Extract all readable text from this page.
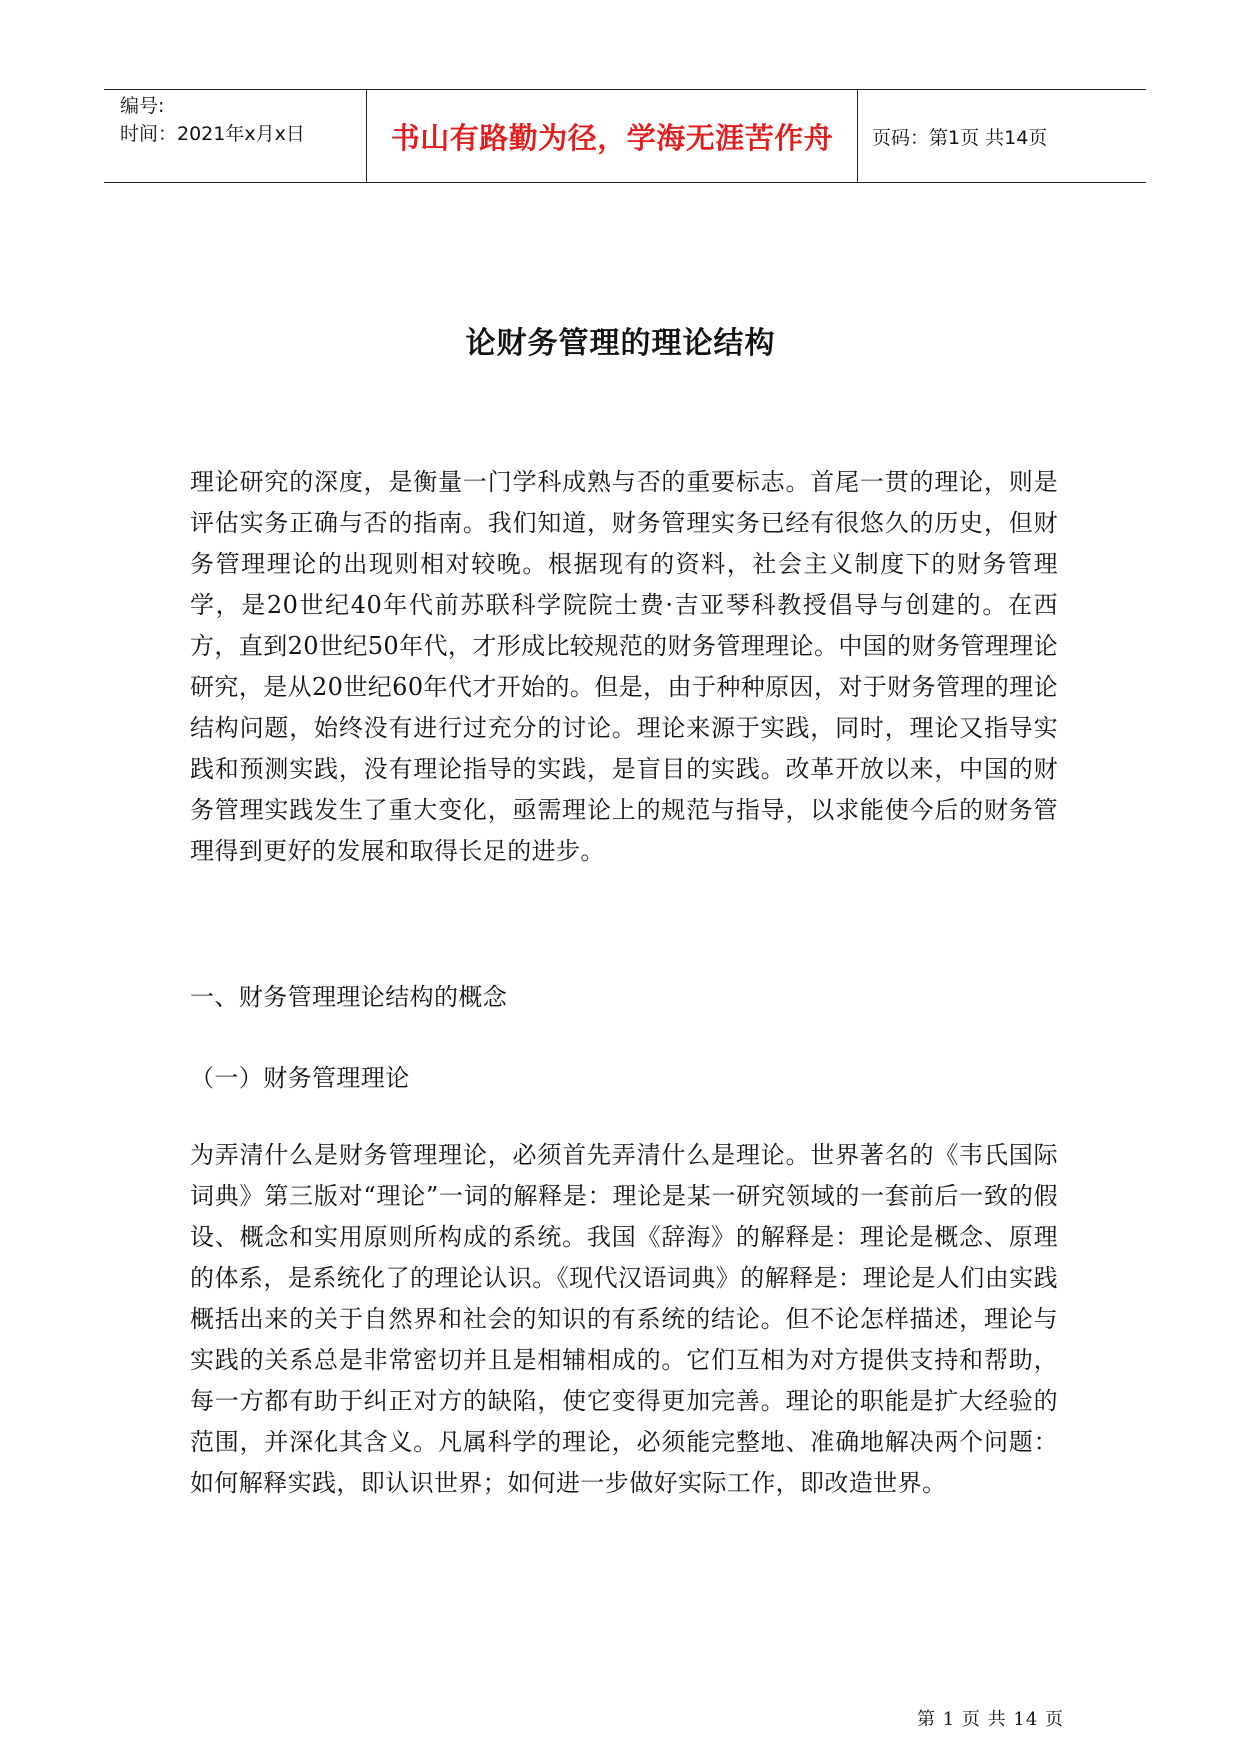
编号:
时间：2021年x月x日	书山有路勤为径，学海无涯苦作舟 页码：第1页 共14页
论财务管理的理论结构

理论研究的深度，是衡量一门学科成熟与否的重要标志。首尾一贯的理论，则是评估实务正确与否的指南。我们知道，财务管理实务已经有很悠久的历史，但财务管理理论的出现则相对较晚。根据现有的资料，社会主义制度下的财务管理学，是20世纪40年代前苏联科学院院士费·吉亚琴科教授倡导与创建的。在西方，直到20世纪50年代，才形成比较规范的财务管理理论。中国的财务管理理论研究，是从20世纪60年代才开始的。但是，由于种种原因，对于财务管理的理论结构问题，始终没有进行过充分的讨论。理论来源于实践，同时，理论又指导实践和预测实践，没有理论指导的实践，是盲目的实践。改革开放以来，中国的财务管理实践发生了重大变化，亟需理论上的规范与指导，以求能使今后的财务管理得到更好的发展和取得长足的进步。

一、财务管理理论结构的概念

（一）财务管理理论

为弄清什么是财务管理理论，必须首先弄清什么是理论。世界著名的《韦氏国际词典》第三版对“理论”一词的解释是：理论是某一研究领域的一套前后一致的假设、概念和实用原则所构成的系统。我国《辞海》的解释是：理论是概念、原理的体系，是系统化了的理论认识。《现代汉语词典》的解释是：理论是人们由实践概括出来的关于自然界和社会的知识的有系统的结论。但不论怎样描述，理论与实践的关系总是非常密切并且是相辅相成的。它们互相为对方提供支持和帮助，每一方都有助于纠正对方的缺陷，使它变得更加完善。理论的职能是扩大经验的范围，并深化其含义。凡属科学的理论，必须能完整地、准确地解决两个问题：如何解释实践，即认识世界；如何进一步做好实际工作，即改造世界。

第 1 页 共 14 页
